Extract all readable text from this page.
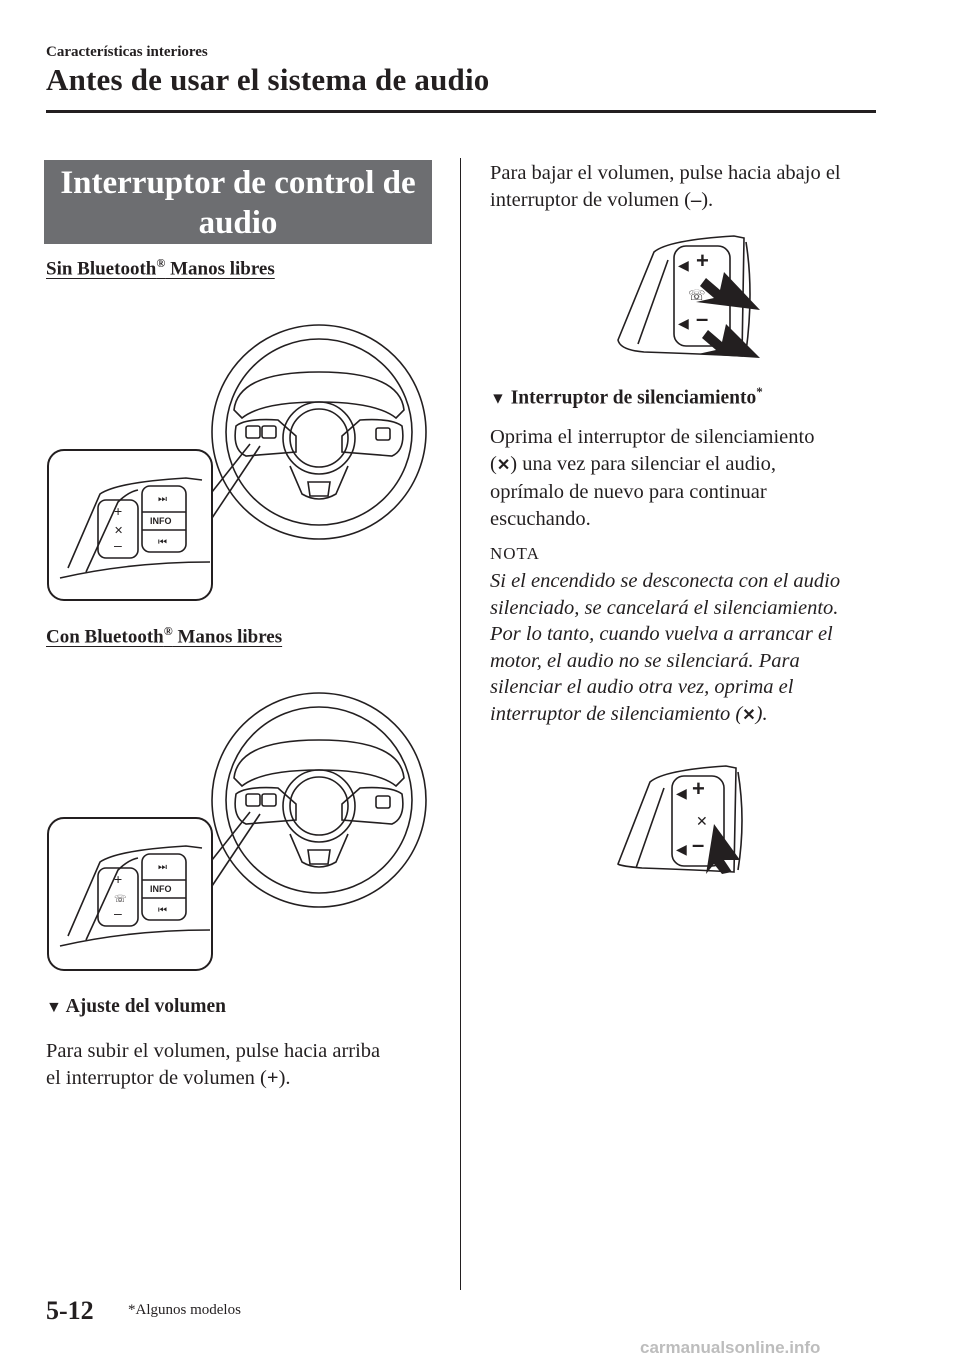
Características interiores
Antes de usar el sistema de audio
Interruptor de control de audio
Sin Bluetooth® Manos libres
INFO
+
–
✕
⏭
⏮
Con Bluetooth® Manos libres
INFO
+
–
☏
⏭
⏮
▼ Ajuste del volumen
Para subir el volumen, pulse hacia arriba
el interruptor de volumen (+).
Para bajar el volumen, pulse hacia abajo el
interruptor de volumen (–).
◀ +
☏
◀ –
▼ Interruptor de silenciamiento*
Oprima el interruptor de silenciamiento
(✕) una vez para silenciar el audio,
oprímalo de nuevo para continuar
escuchando.
NOTA
Si el encendido se desconecta con el audio
silenciado, se cancelará el silenciamiento.
Por lo tanto, cuando vuelva a arrancar el
motor, el audio no se silenciará. Para
silenciar el audio otra vez, oprima el
interruptor de silenciamiento (✕).
◀ +
✕
◀ –
5-12 *Algunos modelos
carmanualsonline.info
